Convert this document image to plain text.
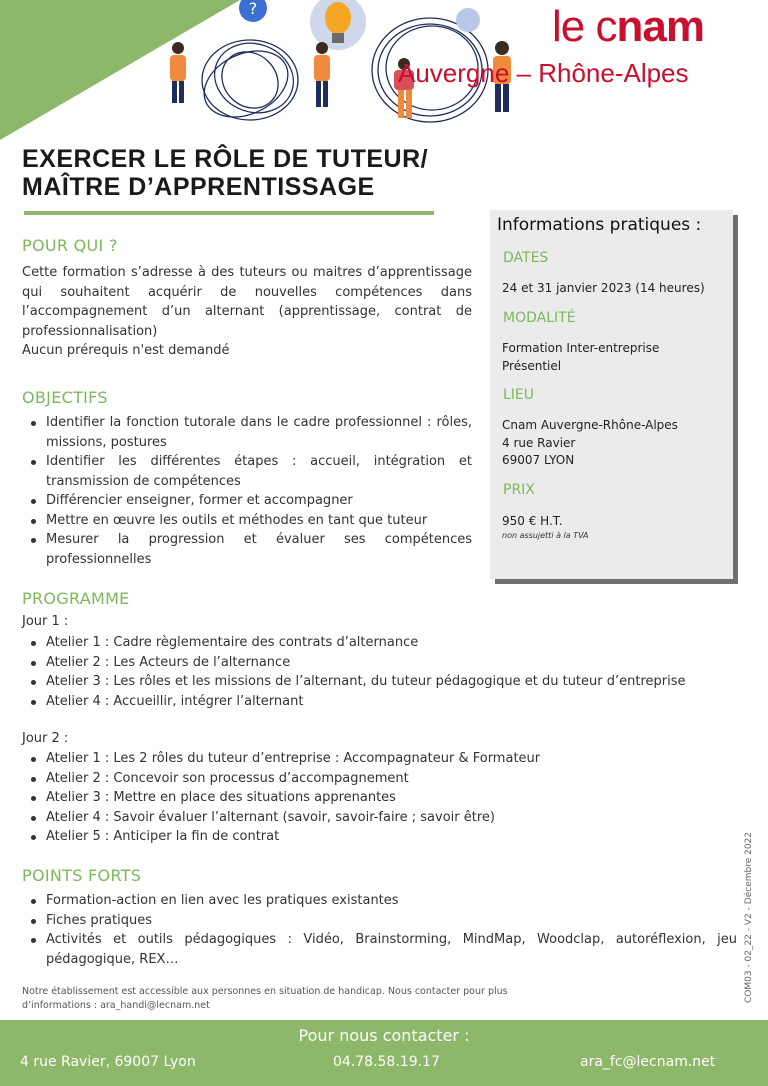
?	le cnam
Auvergne – Rhône-Alpes
EXERCER LE RÔLE DE TUTEUR/
MAÎTRE D’APPRENTISSAGE
POUR QUI ?
Cette formation s’adresse à des tuteurs ou maitres d’apprentissage qui souhaitent acquérir de nouvelles compétences dans l’accompagnement d’un alternant (apprentissage, contrat de professionnalisation)
Aucun prérequis n'est demandé
OBJECTIFS
Identifier la fonction tutorale dans le cadre professionnel : rôles, missions, postures
Identifier les différentes étapes : accueil, intégration et transmission de compétences
Différencier enseigner, former et accompagner
Mettre en œuvre les outils et méthodes en tant que tuteur
Mesurer la progression et évaluer ses compétences professionnelles
Informations pratiques :
DATES
24 et 31 janvier 2023 (14 heures)
MODALITÉ
Formation Inter-entreprise
Présentiel
LIEU
Cnam Auvergne-Rhône-Alpes
4 rue Ravier
69007 LYON
PRIX
950 € H.T.
non assujetti à la TVA
PROGRAMME
Jour 1 :
Atelier 1 : Cadre règlementaire des contrats d’alternance
Atelier 2 : Les Acteurs de l’alternance
Atelier 3 : Les rôles et les missions de l’alternant, du tuteur pédagogique et du tuteur d’entreprise
Atelier 4 : Accueillir, intégrer l’alternant
Jour 2 :
Atelier 1 : Les 2 rôles du tuteur d’entreprise : Accompagnateur & Formateur
Atelier 2 : Concevoir son processus d’accompagnement
Atelier 3 : Mettre en place des situations apprenantes
Atelier 4 : Savoir évaluer l’alternant (savoir, savoir-faire ; savoir être)
Atelier 5 : Anticiper la fin de contrat
POINTS FORTS
Formation-action en lien avec les pratiques existantes
Fiches pratiques
Activités et outils pédagogiques : Vidéo, Brainstorming, MindMap, Woodclap, autoréflexion, jeu pédagogique, REX…
Notre établissement est accessible aux personnes en situation de handicap. Nous contacter pour plus
d’informations : ara_handi@lecnam.net
COM03 - 02_22 - V2 - Décembre 2022
Pour nous contacter :
4 rue Ravier, 69007 Lyon	04.78.58.19.17	ara_fc@lecnam.net
